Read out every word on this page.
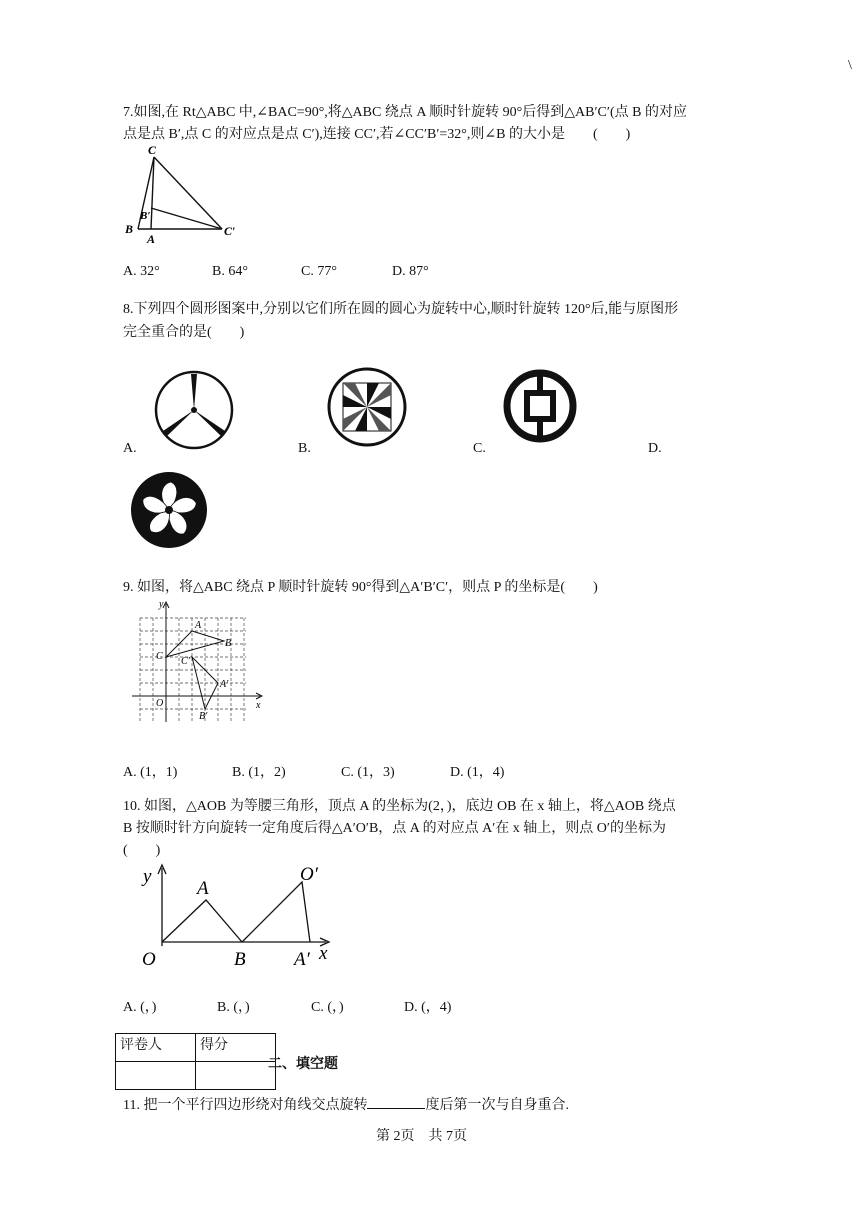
\
7.如图,在 Rt△ABC 中,∠BAC=90°,将△ABC 绕点 A 顺时针旋转 90°后得到△AB′C′(点 B 的对应
点是点 B′,点 C 的对应点是点 C′),连接 CC′,若∠CC′B′=32°,则∠B 的大小是　　(　　)
C
B′
B
A
C′
A. 32°	B. 64°	C. 77°	D. 87°
8.下列四个圆形图案中,分别以它们所在圆的圆心为旋转中心,顺时针旋转 120°后,能与原图形
完全重合的是(　　)
A.	B.	C.	D.
9. 如图，将△ABC 绕点 P 顺时针旋转 90°得到△A′B′C′，则点 P 的坐标是(　　)
y
x
O
A
B
C
A′
B′
C′
A. (1，1)	B. (1，2)	C. (1，3)	D. (1，4)
10. 如图，△AOB 为等腰三角形，顶点 A 的坐标为(2，)，底边 OB 在 x 轴上，将△AOB 绕点
B 按顺时针方向旋转一定角度后得△A′O′B，点 A 的对应点 A′在 x 轴上，则点 O′的坐标为
(　　)
y
A
O′
O	B	A′ x
A. (，)	B. (，)	C. (，)	D. (，4)
评卷人	得分

二、填空题
11. 把一个平行四边形绕对角线交点旋转	度后第一次与自身重合.
第 2页　共 7页
